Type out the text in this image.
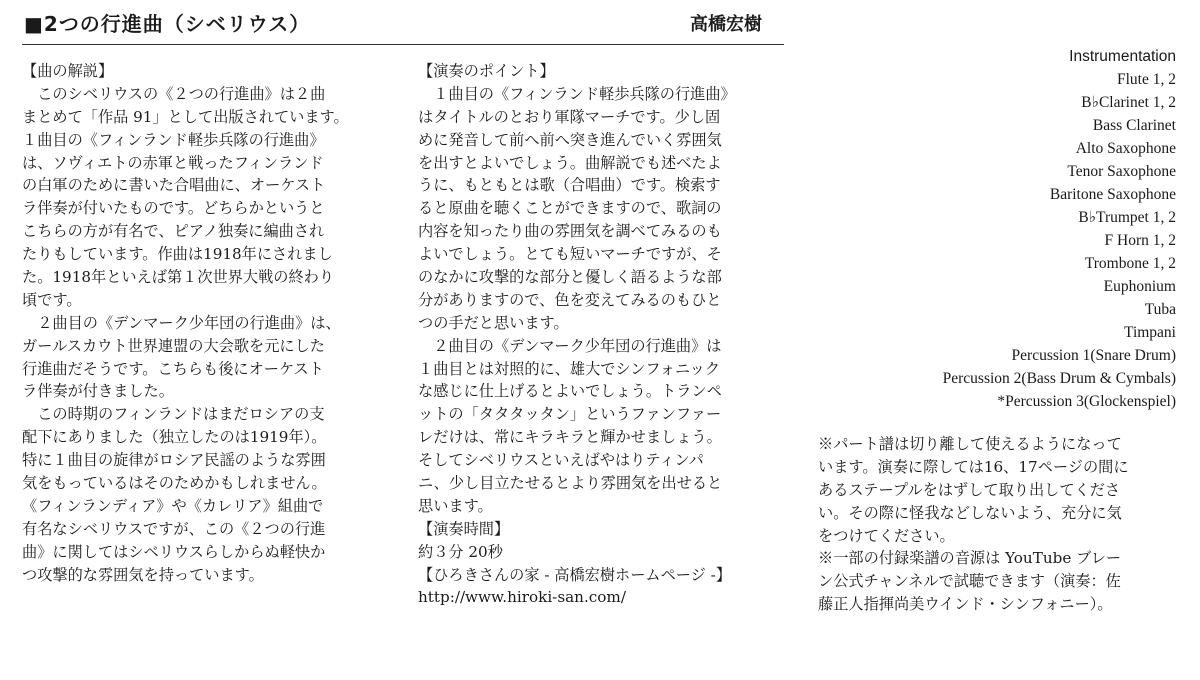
■2つの行進曲（シベリウス）	高橋宏樹
【曲の解説】
　このシベリウスの《２つの行進曲》は２曲
まとめて「作品 91」として出版されています。
１曲目の《フィンランド軽歩兵隊の行進曲》
は、ソヴィエトの赤軍と戦ったフィンランド
の白軍のために書いた合唱曲に、オーケスト
ラ伴奏が付いたものです。どちらかというと
こちらの方が有名で、ピアノ独奏に編曲され
たりもしています。作曲は1918年にされまし
た。1918年といえば第１次世界大戦の終わり
頃です。
　２曲目の《デンマーク少年団の行進曲》は、
ガールスカウト世界連盟の大会歌を元にした
行進曲だそうです。こちらも後にオーケスト
ラ伴奏が付きました。
　この時期のフィンランドはまだロシアの支
配下にありました（独立したのは1919年）。
特に１曲目の旋律がロシア民謡のような雰囲
気をもっているはそのためかもしれません。
《フィンランディア》や《カレリア》組曲で
有名なシベリウスですが、この《２つの行進
曲》に関してはシベリウスらしからぬ軽快か
つ攻撃的な雰囲気を持っています。
【演奏のポイント】
　１曲目の《フィンランド軽歩兵隊の行進曲》
はタイトルのとおり軍隊マーチです。少し固
めに発音して前へ前へ突き進んでいく雰囲気
を出すとよいでしょう。曲解説でも述べたよ
うに、もともとは歌（合唱曲）です。検索す
ると原曲を聴くことができますので、歌詞の
内容を知ったり曲の雰囲気を調べてみるのも
よいでしょう。とても短いマーチですが、そ
のなかに攻撃的な部分と優しく語るような部
分がありますので、色を変えてみるのもひと
つの手だと思います。
　２曲目の《デンマーク少年団の行進曲》は
１曲目とは対照的に、雄大でシンフォニック
な感じに仕上げるとよいでしょう。トランペ
ットの「タタタッタン」というファンファー
レだけは、常にキラキラと輝かせましょう。
そしてシベリウスといえばやはりティンパ
ニ、少し目立たせるとより雰囲気を出せると
思います。
【演奏時間】
約３分 20秒
【ひろきさんの家 - 高橋宏樹ホームページ -】
http://www.hiroki-san.com/
Instrumentation
Flute 1, 2
B♭Clarinet 1, 2
Bass Clarinet
Alto Saxophone
Tenor Saxophone
Baritone Saxophone
B♭Trumpet 1, 2
F Horn 1, 2
Trombone 1, 2
Euphonium
Tuba
Timpani
Percussion 1(Snare Drum)
Percussion 2(Bass Drum & Cymbals)
*Percussion 3(Glockenspiel)
※パート譜は切り離して使えるようになって
います。演奏に際しては16、17ページの間に
あるステープルをはずして取り出してくださ
い。その際に怪我などしないよう、充分に気
をつけてください。
※一部の付録楽譜の音源は YouTube ブレー
ン公式チャンネルで試聴できます（演奏：佐
藤正人指揮尚美ウインド・シンフォニー）。
